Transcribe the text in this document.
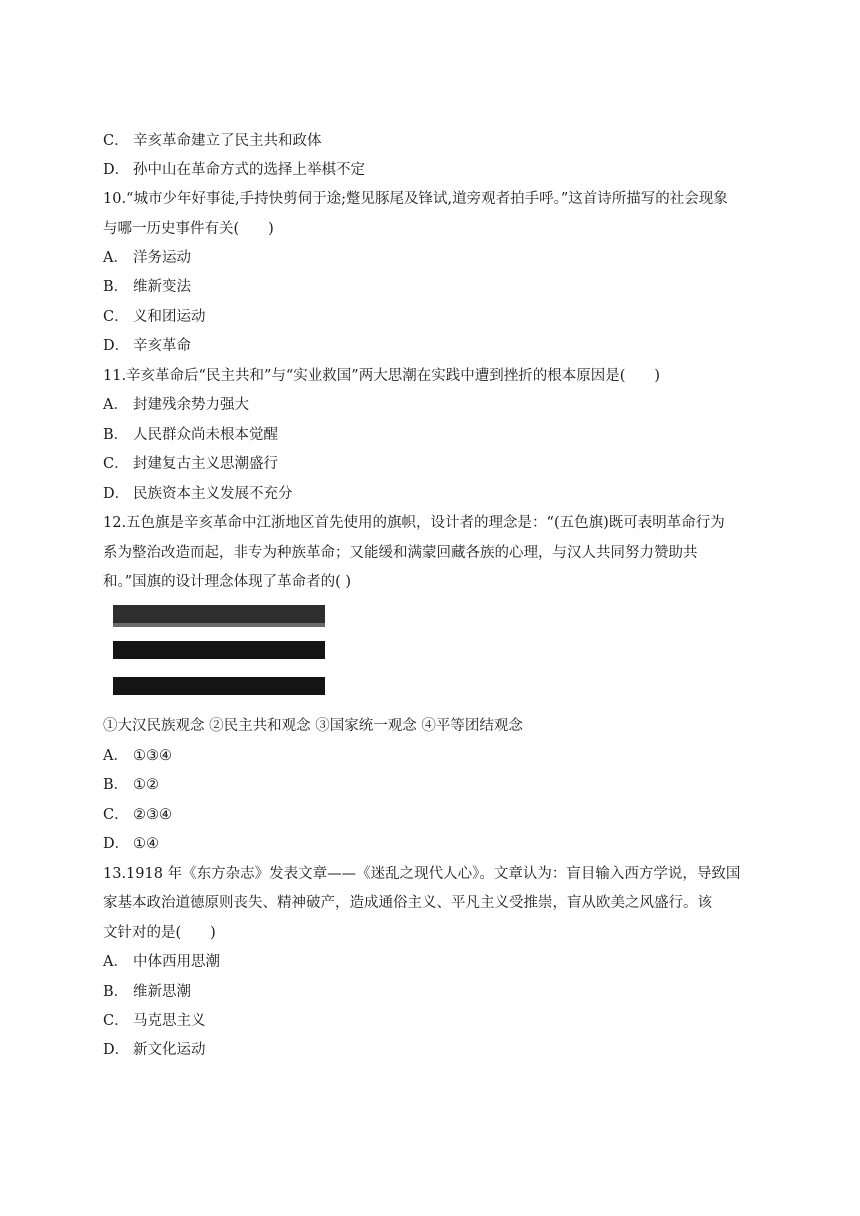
C． 辛亥革命建立了民主共和政体
D． 孙中山在革命方式的选择上举棋不定
10.“城市少年好事徒,手持快剪伺于途;蹩见豚尾及锋试,道旁观者拍手呼。”这首诗所描写的社会现象
与哪一历史事件有关(　　)
A． 洋务运动
B． 维新变法
C． 义和团运动
D． 辛亥革命
11.辛亥革命后“民主共和”与“实业救国”两大思潮在实践中遭到挫折的根本原因是(　　)
A． 封建残余势力强大
B． 人民群众尚未根本觉醒
C． 封建复古主义思潮盛行
D． 民族资本主义发展不充分
12.五色旗是辛亥革命中江浙地区首先使用的旗帜，设计者的理念是：“(五色旗)既可表明革命行为
系为整治改造而起，非专为种族革命；又能缓和满蒙回藏各族的心理，与汉人共同努力赞助共
和。”国旗的设计理念体现了革命者的( )
①大汉民族观念 ②民主共和观念 ③国家统一观念 ④平等团结观念
A． ①③④
B． ①②
C． ②③④
D． ①④
13.1918 年《东方杂志》发表文章——《迷乱之现代人心》。文章认为：盲目输入西方学说，导致国
家基本政治道德原则丧失、精神破产，造成通俗主义、平凡主义受推崇，盲从欧美之风盛行。该
文针对的是(　　)
A． 中体西用思潮
B． 维新思潮
C． 马克思主义
D． 新文化运动
